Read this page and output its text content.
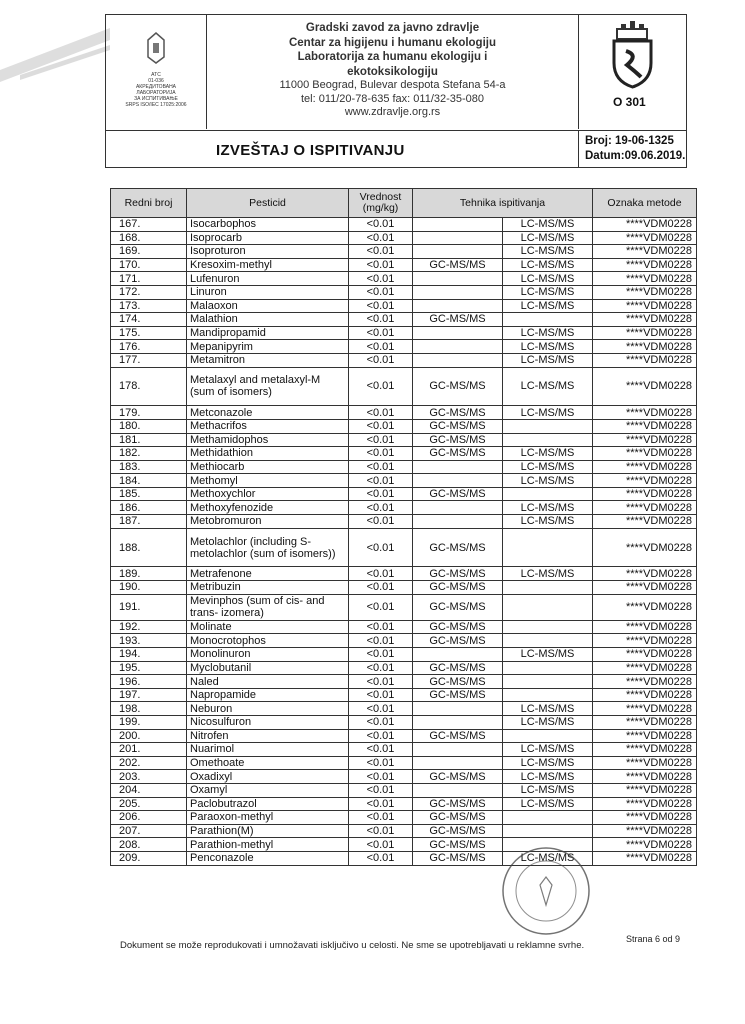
ATC
01-036
АКРЕДИТОВАНА
ЛАБОРАТОРИЈА
ЗА ИСПИТИВАЊЕ
SRPS ISO/IEC 17025:2006
Gradski zavod za javno zdravlje
Centar za higijenu i humanu ekologiju
Laboratorija za humanu ekologiju i
ekotoksikologiju
11000 Beograd, Bulevar despota Stefana 54-a
tel: 011/20-78-635 fax: 011/32-35-080
www.zdravlje.org.rs
O 301
IZVEŠTAJ O ISPITIVANJU
Broj: 19-06-1325
Datum:09.06.2019.
Redni broj	Pesticid	Vrednost (mg/kg)	Tehnika ispitivanja		Oznaka metode
167.	Isocarbophos	<0.01		LC-MS/MS	****VDM0228
168.	Isoprocarb	<0.01		LC-MS/MS	****VDM0228
169.	Isoproturon	<0.01		LC-MS/MS	****VDM0228
170.	Kresoxim-methyl	<0.01	GC-MS/MS	LC-MS/MS	****VDM0228
171.	Lufenuron	<0.01		LC-MS/MS	****VDM0228
172.	Linuron	<0.01		LC-MS/MS	****VDM0228
173.	Malaoxon	<0.01		LC-MS/MS	****VDM0228
174.	Malathion	<0.01	GC-MS/MS		****VDM0228
175.	Mandipropamid	<0.01		LC-MS/MS	****VDM0228
176.	Mepanipyrim	<0.01		LC-MS/MS	****VDM0228
177.	Metamitron	<0.01		LC-MS/MS	****VDM0228
178.	Metalaxyl and metalaxyl-M (sum of isomers)	<0.01	GC-MS/MS	LC-MS/MS	****VDM0228
179.	Metconazole	<0.01	GC-MS/MS	LC-MS/MS	****VDM0228
180.	Methacrifos	<0.01	GC-MS/MS		****VDM0228
181.	Methamidophos	<0.01	GC-MS/MS		****VDM0228
182.	Methidathion	<0.01	GC-MS/MS	LC-MS/MS	****VDM0228
183.	Methiocarb	<0.01		LC-MS/MS	****VDM0228
184.	Methomyl	<0.01		LC-MS/MS	****VDM0228
185.	Methoxychlor	<0.01	GC-MS/MS		****VDM0228
186.	Methoxyfenozide	<0.01		LC-MS/MS	****VDM0228
187.	Metobromuron	<0.01		LC-MS/MS	****VDM0228
188.	Metolachlor (including S-metolachlor (sum of isomers))	<0.01	GC-MS/MS		****VDM0228
189.	Metrafenone	<0.01	GC-MS/MS	LC-MS/MS	****VDM0228
190.	Metribuzin	<0.01	GC-MS/MS		****VDM0228
191.	Mevinphos (sum of cis- and trans- izomera)	<0.01	GC-MS/MS		****VDM0228
192.	Molinate	<0.01	GC-MS/MS		****VDM0228
193.	Monocrotophos	<0.01	GC-MS/MS		****VDM0228
194.	Monolinuron	<0.01		LC-MS/MS	****VDM0228
195.	Myclobutanil	<0.01	GC-MS/MS		****VDM0228
196.	Naled	<0.01	GC-MS/MS		****VDM0228
197.	Napropamide	<0.01	GC-MS/MS		****VDM0228
198.	Neburon	<0.01		LC-MS/MS	****VDM0228
199.	Nicosulfuron	<0.01		LC-MS/MS	****VDM0228
200.	Nitrofen	<0.01	GC-MS/MS		****VDM0228
201.	Nuarimol	<0.01		LC-MS/MS	****VDM0228
202.	Omethoate	<0.01		LC-MS/MS	****VDM0228
203.	Oxadixyl	<0.01	GC-MS/MS	LC-MS/MS	****VDM0228
204.	Oxamyl	<0.01		LC-MS/MS	****VDM0228
205.	Paclobutrazol	<0.01	GC-MS/MS	LC-MS/MS	****VDM0228
206.	Paraoxon-methyl	<0.01	GC-MS/MS		****VDM0228
207.	Parathion(M)	<0.01	GC-MS/MS		****VDM0228
208.	Parathion-methyl	<0.01	GC-MS/MS		****VDM0228
209.	Penconazole	<0.01	GC-MS/MS	LC-MS/MS	****VDM0228
Dokument se može reprodukovati i umnožavati isključivo u celosti. Ne sme se upotrebljavati u reklamne svrhe.
Strana 6 od 9
